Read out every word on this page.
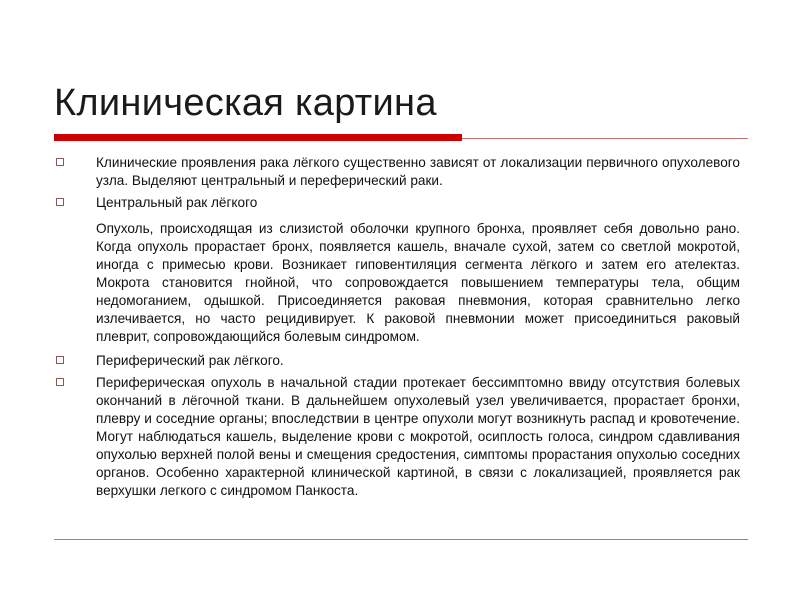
Клиническая картина
Клинические проявления рака лёгкого существенно зависят от локализации первичного опухолевого узла. Выделяют центральный и переферический раки.
Центральный рак лёгкого
Опухоль, происходящая из слизистой оболочки крупного бронха, проявляет себя довольно рано. Когда опухоль прорастает бронх, появляется кашель, вначале сухой, затем со светлой мокротой, иногда с примесью крови. Возникает гиповентиляция сегмента лёгкого и затем его ателектаз. Мокрота становится гнойной, что сопровождается повышением температуры тела, общим недомоганием, одышкой. Присоединяется раковая пневмония, которая сравнительно легко излечивается, но часто рецидивирует. К раковой пневмонии может присоединиться раковый плеврит, сопровождающийся болевым синдромом.
Периферический рак лёгкого.
Периферическая опухоль в начальной стадии протекает бессимптомно ввиду отсутствия болевых окончаний в лёгочной ткани. В дальнейшем опухолевый узел увеличивается, прорастает бронхи, плевру и соседние органы; впоследствии в центре опухоли могут возникнуть распад и кровотечение. Могут наблюдаться кашель, выделение крови с мокротой, осиплость голоса, синдром сдавливания опухолью верхней полой вены и смещения средостения, симптомы прорастания опухолью соседних органов. Особенно характерной клинической картиной, в связи с локализацией, проявляется рак верхушки легкого с синдромом Панкоста.
